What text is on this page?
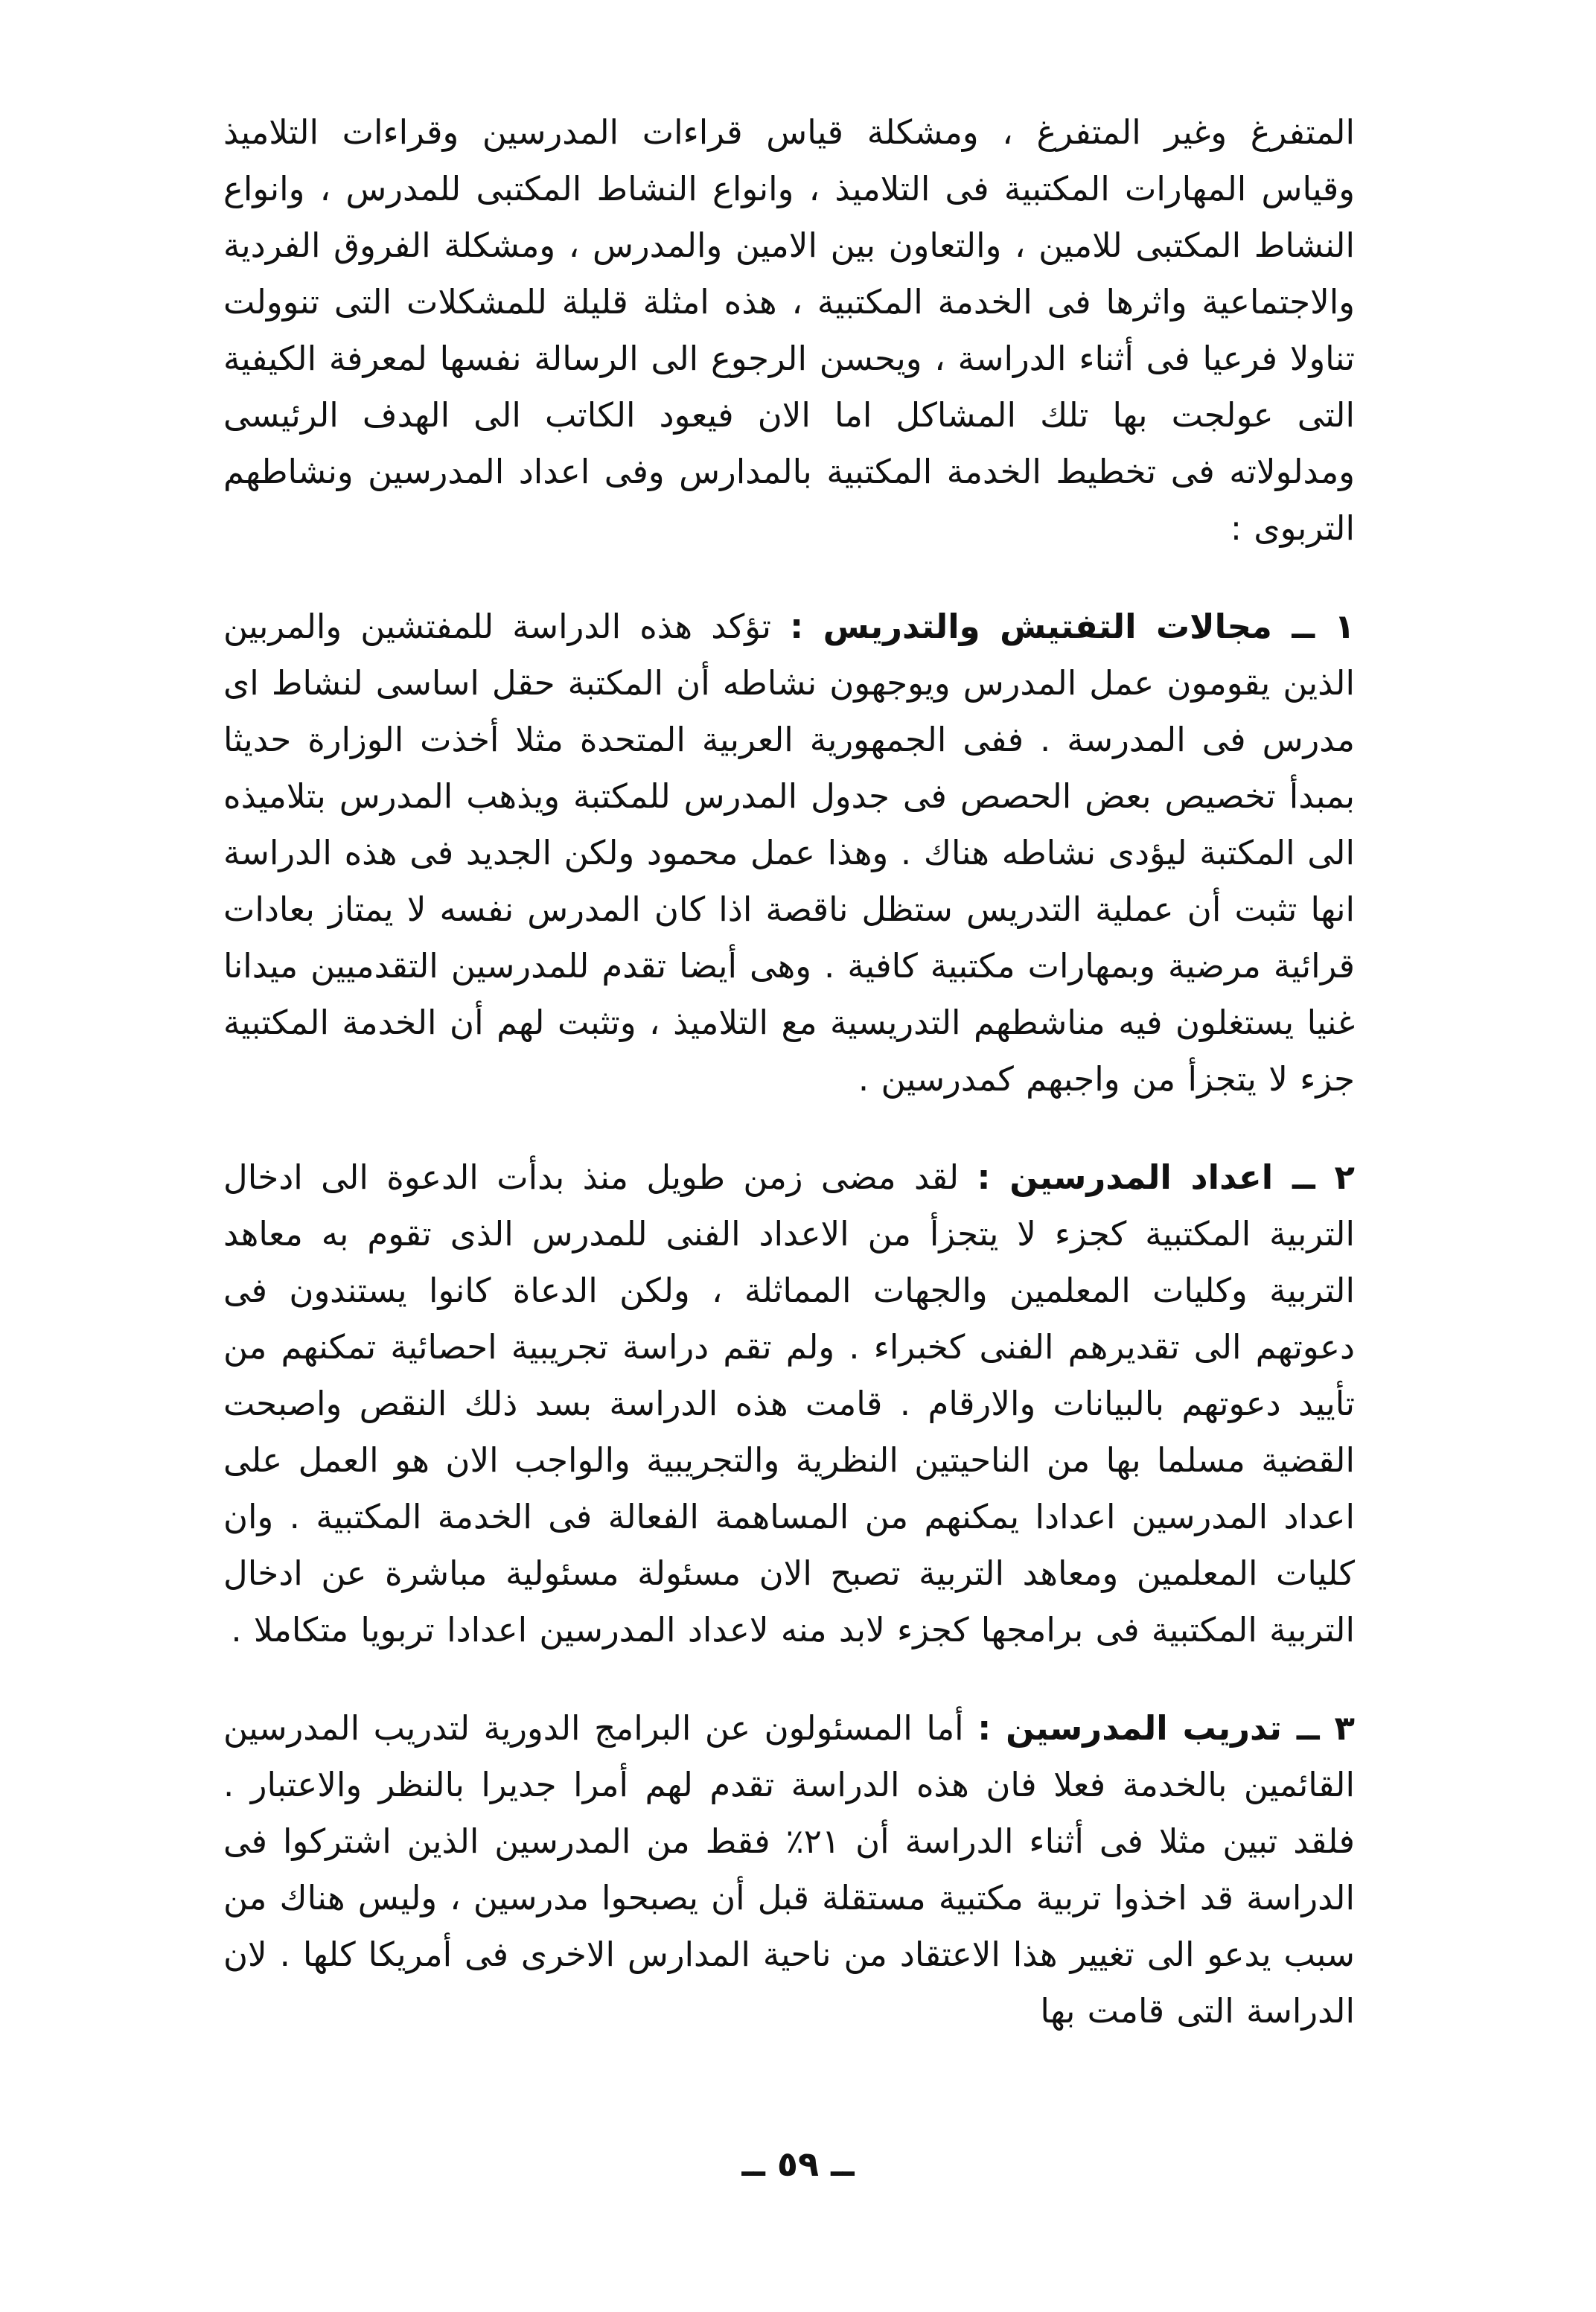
المتفرغ وغير المتفرغ ، ومشكلة قياس قراءات المدرسين وقراءات التلاميذ وقياس المهارات المكتبية فى التلاميذ ، وانواع النشاط المكتبى للمدرس ، وانواع النشاط المكتبى للامين ، والتعاون بين الامين والمدرس ، ومشكلة الفروق الفردية والاجتماعية واثرها فى الخدمة المكتبية ، هذه امثلة قليلة للمشكلات التى تنوولت تناولا فرعيا فى أثناء الدراسة ، ويحسن الرجوع الى الرسالة نفسها لمعرفة الكيفية التى عولجت بها تلك المشاكل اما الان فيعود الكاتب الى الهدف الرئيسى ومدلولاته فى تخطيط الخدمة المكتبية بالمدارس وفى اعداد المدرسين ونشاطهم التربوى :

١ ــ مجالات التفتيش والتدريس : تؤكد هذه الدراسة للمفتشين والمربين الذين يقومون عمل المدرس ويوجهون نشاطه أن المكتبة حقل اساسى لنشاط اى مدرس فى المدرسة . ففى الجمهورية العربية المتحدة مثلا أخذت الوزارة حديثا بمبدأ تخصيص بعض الحصص فى جدول المدرس للمكتبة ويذهب المدرس بتلاميذه الى المكتبة ليؤدى نشاطه هناك . وهذا عمل محمود ولكن الجديد فى هذه الدراسة انها تثبت أن عملية التدريس ستظل ناقصة اذا كان المدرس نفسه لا يمتاز بعادات قرائية مرضية وبمهارات مكتبية كافية . وهى أيضا تقدم للمدرسين التقدميين ميدانا غنيا يستغلون فيه مناشطهم التدريسية مع التلاميذ ، وتثبت لهم أن الخدمة المكتبية جزء لا يتجزأ من واجبهم كمدرسين .

٢ ــ اعداد المدرسين : لقد مضى زمن طويل منذ بدأت الدعوة الى ادخال التربية المكتبية كجزء لا يتجزأ من الاعداد الفنى للمدرس الذى تقوم به معاهد التربية وكليات المعلمين والجهات المماثلة ، ولكن الدعاة كانوا يستندون فى دعوتهم الى تقديرهم الفنى كخبراء . ولم تقم دراسة تجريبية احصائية تمكنهم من تأييد دعوتهم بالبيانات والارقام . قامت هذه الدراسة بسد ذلك النقص واصبحت القضية مسلما بها من الناحيتين النظرية والتجريبية والواجب الان هو العمل على اعداد المدرسين اعدادا يمكنهم من المساهمة الفعالة فى الخدمة المكتبية . وان كليات المعلمين ومعاهد التربية تصبح الان مسئولة مسئولية مباشرة عن ادخال التربية المكتبية فى برامجها كجزء لابد منه لاعداد المدرسين اعدادا تربويا متكاملا .

٣ ــ تدريب المدرسين : أما المسئولون عن البرامج الدورية لتدريب المدرسين القائمين بالخدمة فعلا فان هذه الدراسة تقدم لهم أمرا جديرا بالنظر والاعتبار . فلقد تبين مثلا فى أثناء الدراسة أن ٢١٪ فقط من المدرسين الذين اشتركوا فى الدراسة قد اخذوا تربية مكتبية مستقلة قبل أن يصبحوا مدرسين ، وليس هناك من سبب يدعو الى تغيير هذا الاعتقاد من ناحية المدارس الاخرى فى أمريكا كلها . لان الدراسة التى قامت بها

ــ ٥٩ ــ
